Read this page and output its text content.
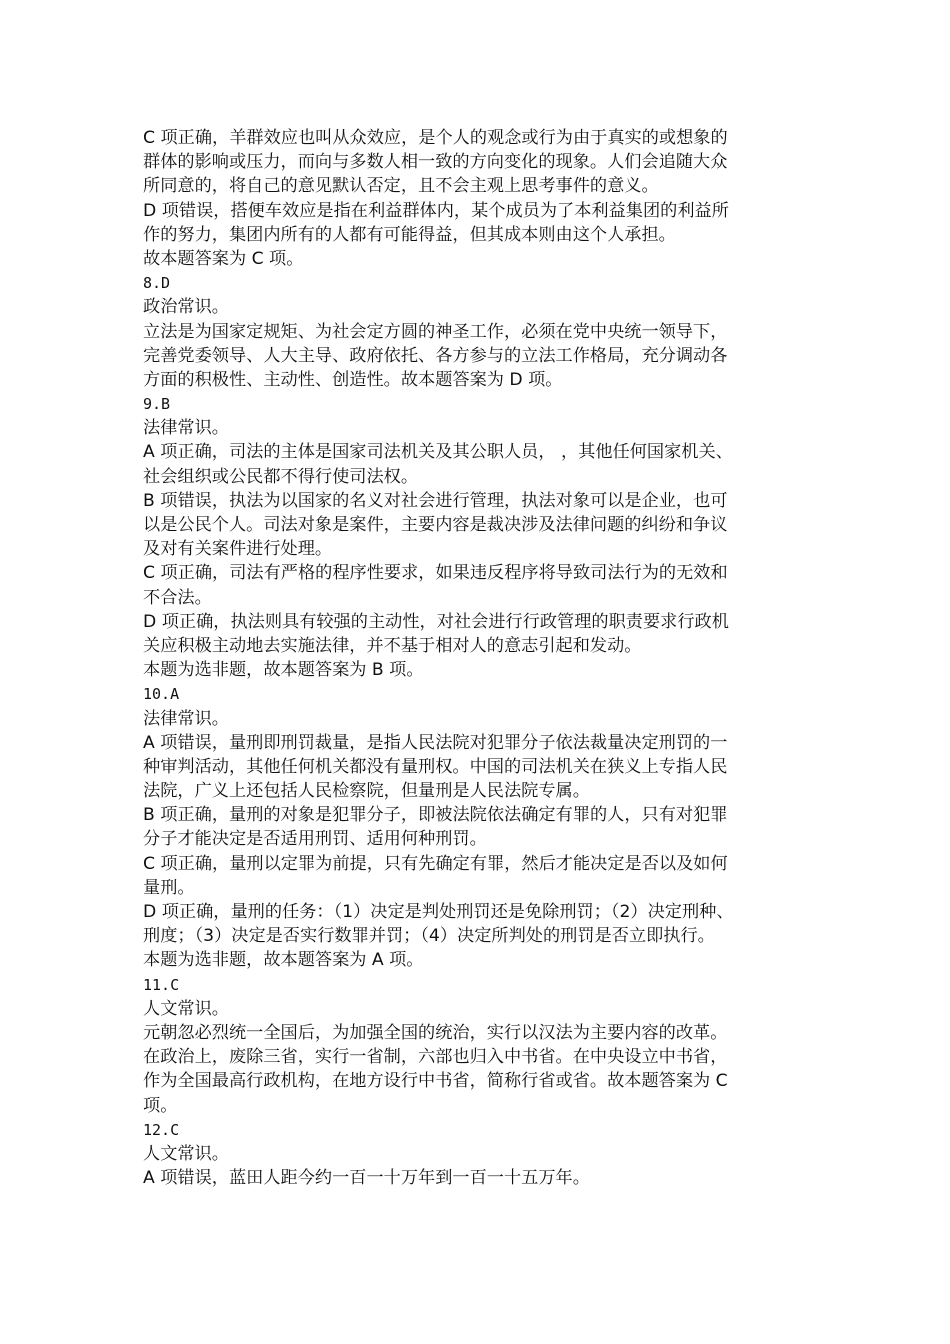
C 项正确，羊群效应也叫从众效应，是个人的观念或行为由于真实的或想象的
群体的影响或压力，而向与多数人相一致的方向变化的现象。人们会追随大众
所同意的，将自己的意见默认否定，且不会主观上思考事件的意义。
D 项错误，搭便车效应是指在利益群体内，某个成员为了本利益集团的利益所
作的努力，集团内所有的人都有可能得益，但其成本则由这个人承担。
故本题答案为 C 项。
8.D
政治常识。
立法是为国家定规矩、为社会定方圆的神圣工作，必须在党中央统一领导下，
完善党委领导、人大主导、政府依托、各方参与的立法工作格局，充分调动各
方面的积极性、主动性、创造性。故本题答案为 D 项。
9.B
法律常识。
A 项正确，司法的主体是国家司法机关及其公职人员， ，其他任何国家机关、
社会组织或公民都不得行使司法权。
B 项错误，执法为以国家的名义对社会进行管理，执法对象可以是企业，也可
以是公民个人。司法对象是案件，主要内容是裁决涉及法律问题的纠纷和争议
及对有关案件进行处理。
C 项正确，司法有严格的程序性要求，如果违反程序将导致司法行为的无效和
不合法。
D 项正确，执法则具有较强的主动性，对社会进行行政管理的职责要求行政机
关应积极主动地去实施法律，并不基于相对人的意志引起和发动。
本题为选非题，故本题答案为 B 项。
10.A
法律常识。
A 项错误，量刑即刑罚裁量，是指人民法院对犯罪分子依法裁量决定刑罚的一
种审判活动，其他任何机关都没有量刑权。中国的司法机关在狭义上专指人民
法院，广义上还包括人民检察院，但量刑是人民法院专属。
B 项正确，量刑的对象是犯罪分子，即被法院依法确定有罪的人，只有对犯罪
分子才能决定是否适用刑罚、适用何种刑罚。
C 项正确，量刑以定罪为前提，只有先确定有罪，然后才能决定是否以及如何
量刑。
D 项正确，量刑的任务：（1）决定是判处刑罚还是免除刑罚；（2）决定刑种、
刑度；（3）决定是否实行数罪并罚；（4）决定所判处的刑罚是否立即执行。
本题为选非题，故本题答案为 A 项。
11.C
人文常识。
元朝忽必烈统一全国后，为加强全国的统治，实行以汉法为主要内容的改革。
在政治上，废除三省，实行一省制，六部也归入中书省。在中央设立中书省，
作为全国最高行政机构，在地方设行中书省，简称行省或省。故本题答案为 C
项。
12.C
人文常识。
A 项错误，蓝田人距今约一百一十万年到一百一十五万年。
